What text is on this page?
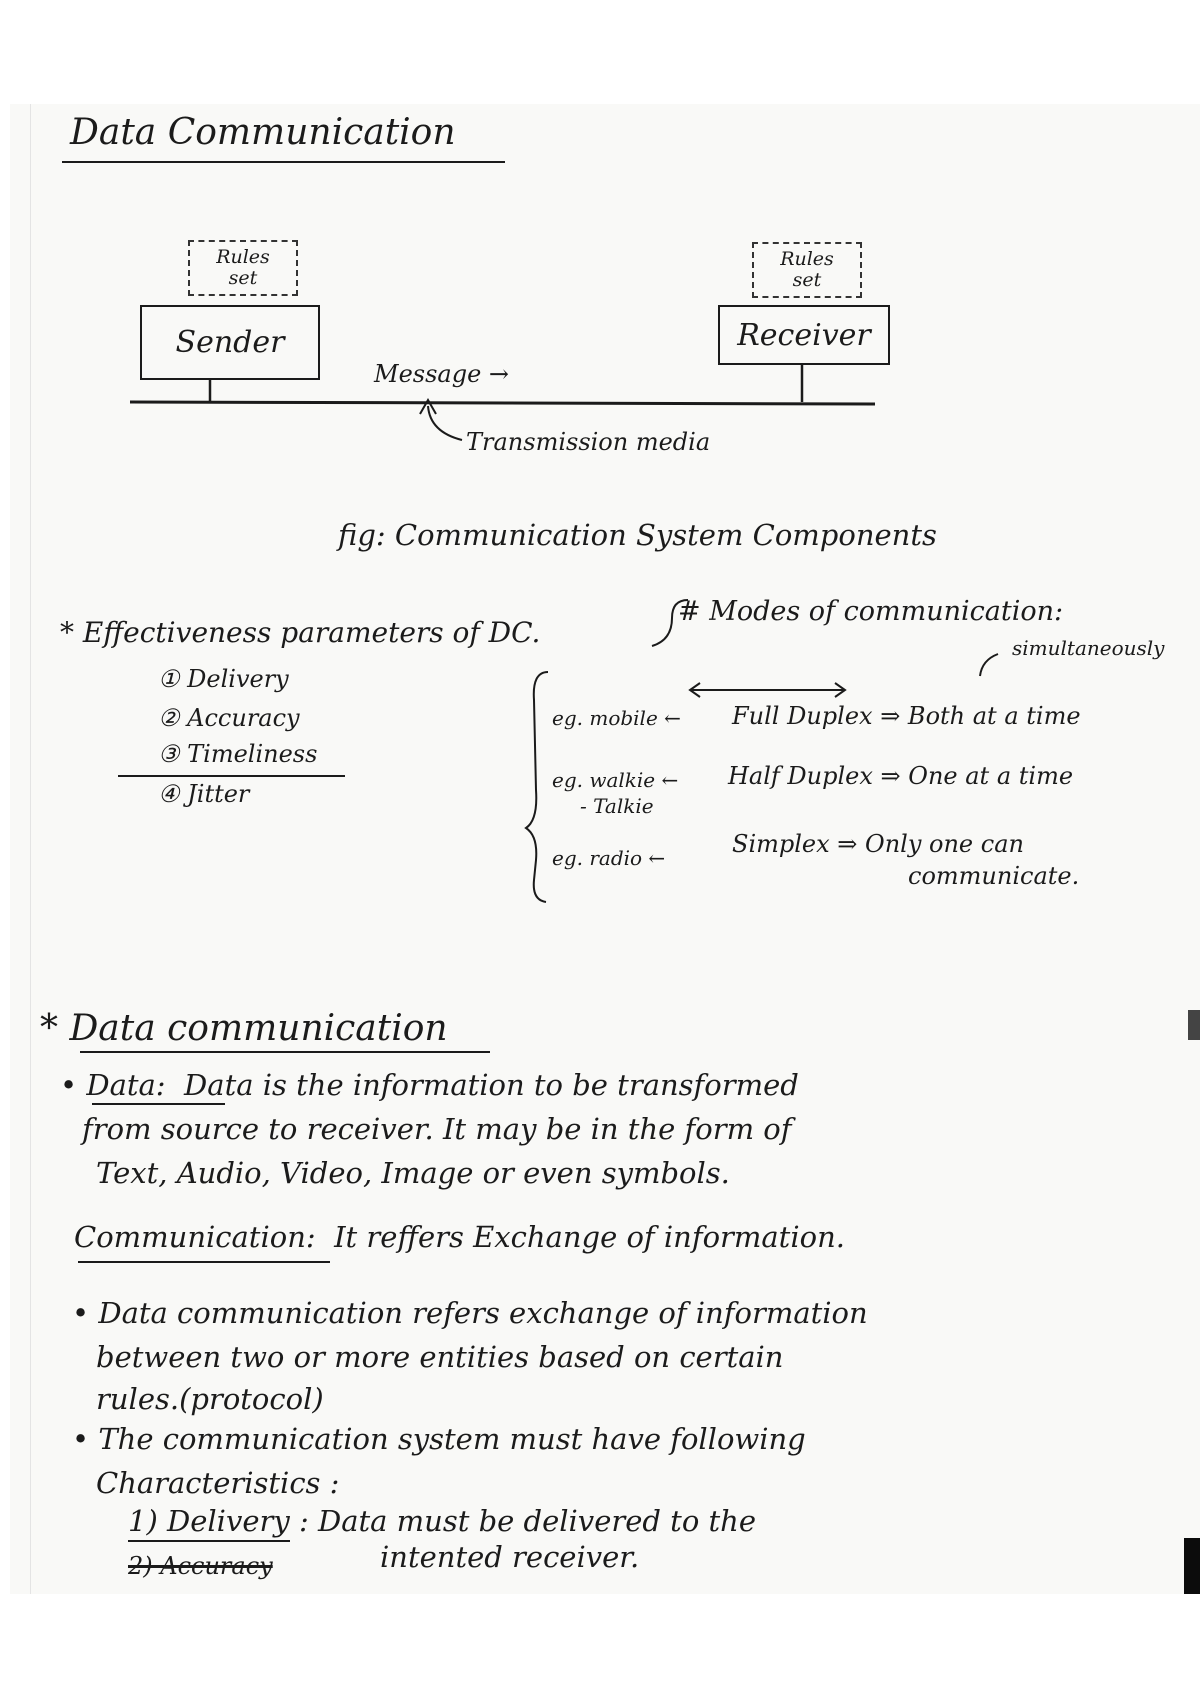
Data Communication
Rules
set
Rules
set
Sender	Receiver
Message →
Transmission media
fig: Communication System Components
* Effectiveness parameters of DC.
① Delivery
② Accuracy
③ Timeliness
④ Jitter
# Modes of communication:
simultaneously
eg. mobile ← Full Duplex ⇒ Both at a time
eg. walkie ←
- Talkie
Half Duplex ⇒ One at a time
eg. radio ←	Simplex ⇒ Only one can
communicate.
* Data communication
• Data: Data is the information to be transformed
from source to receiver. It may be in the form of
Text, Audio, Video, Image or even symbols.
Communication: It reffers Exchange of information.
• Data communication refers exchange of information
between two or more entities based on certain
rules.(protocol)
• The communication system must have following
Characteristics :
1) Delivery : Data must be delivered to the
intented receiver.
2) Accuracy
